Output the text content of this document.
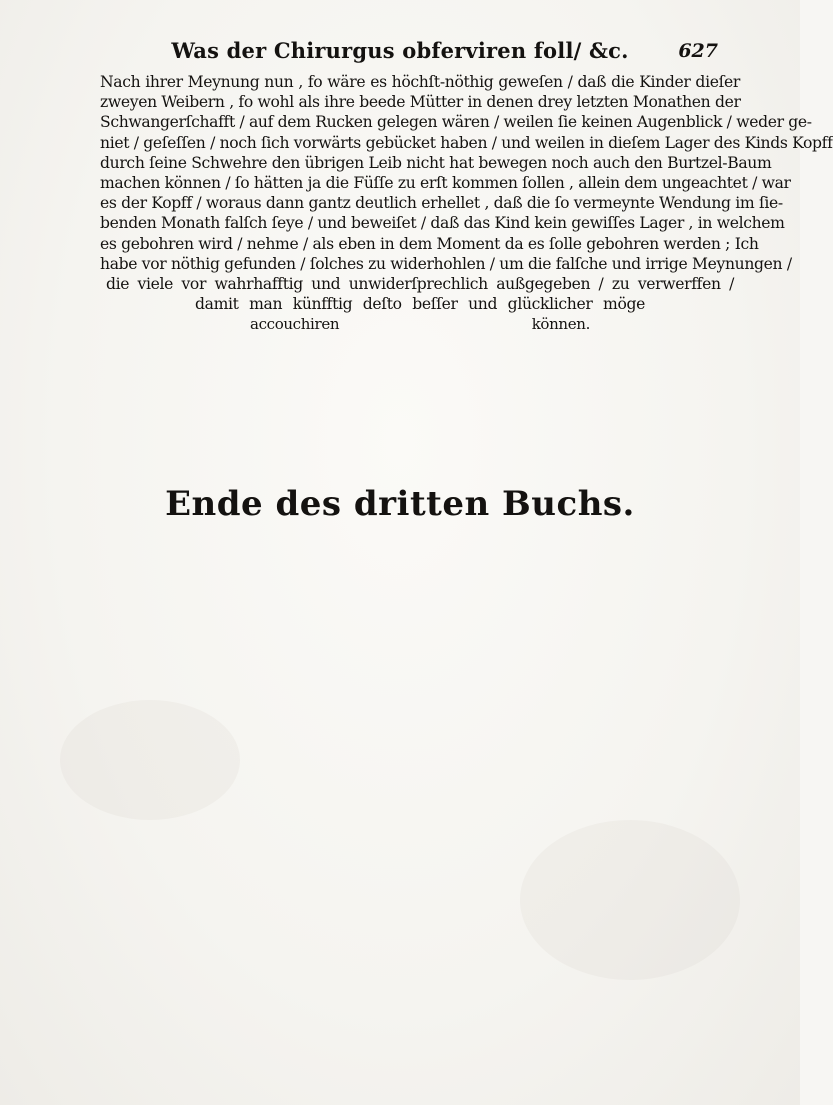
Was der Chirurgus obferviren foll/ &c.	627
Nach ihrer Meynung nun , fo wäre es höchſt-nöthig geweſen / daß die Kinder dieſer
zweyen Weibern , fo wohl als ihre beede Mütter in denen drey letzten Monathen der
Schwangerſchafft / auf dem Rucken gelegen wären / weilen ſie keinen Augenblick / weder ge-
niet / geſeſſen / noch ſich vorwärts gebücket haben / und weilen in dieſem Lager des Kinds Kopff
durch ſeine Schwehre den übrigen Leib nicht hat bewegen noch auch den Burtzel-Baum
machen können / ſo hätten ja die Füſſe zu erſt kommen ſollen , allein dem ungeachtet / war
es der Kopff / woraus dann gantz deutlich erhellet , daß die ſo vermeynte Wendung im ſie-
benden Monath falſch ſeye / und beweiſet / daß das Kind kein gewiſſes Lager , in welchem
es gebohren wird / nehme / als eben in dem Moment da es ſolle gebohren werden ; Ich
habe vor nöthig gefunden / ſolches zu widerhohlen / um die falſche und irrige Meynungen /
die viele vor wahrhafftig und unwiderſprechlich außgegeben / zu verwerffen /
damit man künfftig deſto beſſer und glücklicher möge
accouchiren können.
Ende des dritten Buchs.
